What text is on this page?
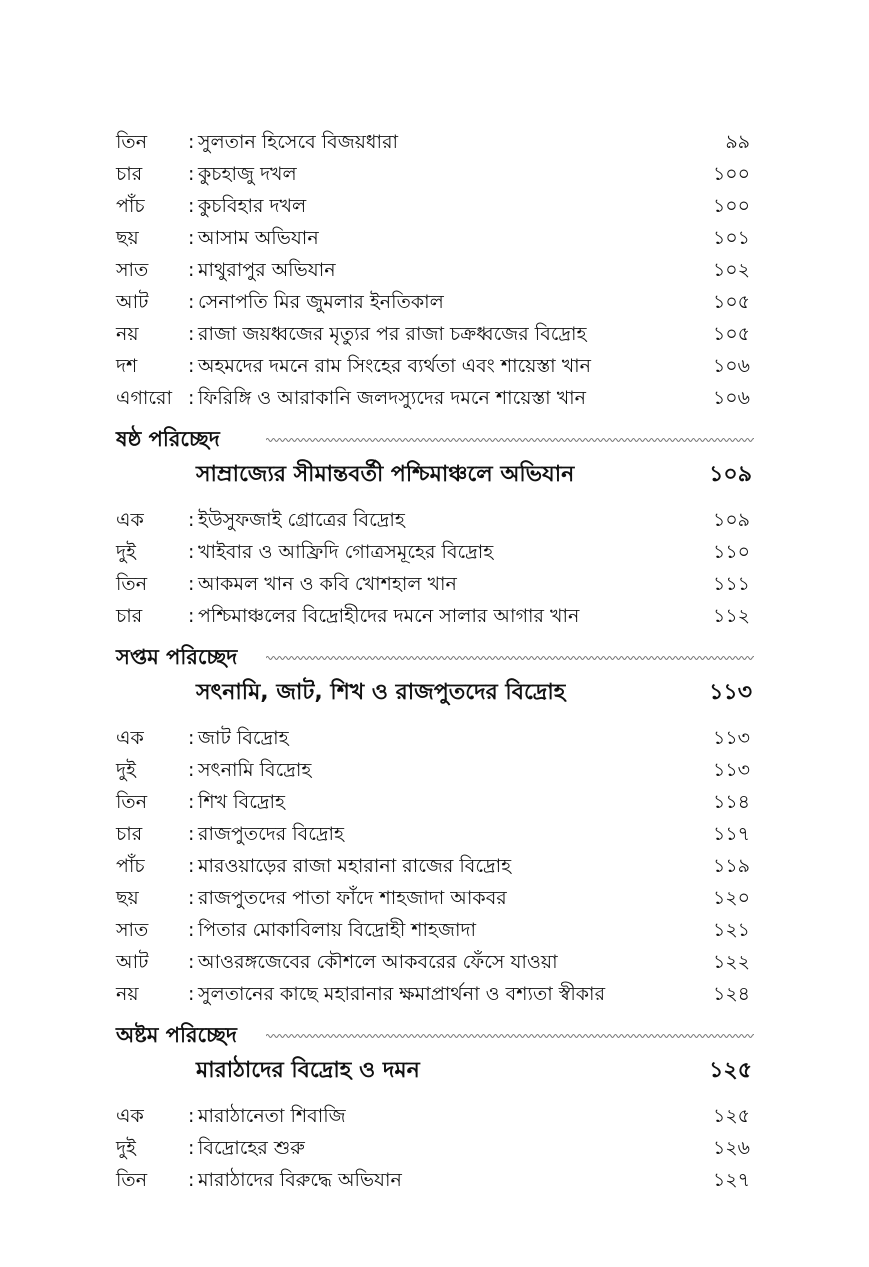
তিন : সুলতান হিসেবে বিজয়ধারা	৯৯
চার : কুচহাজু দখল	১০০
পাঁচ : কুচবিহার দখল	১০০
ছয়	: আসাম অভিযান	১০১
সাত : মাথুরাপুর অভিযান	১০২
আট : সেনাপতি মির জুমলার ইনতিকাল	১০৫
নয়	: রাজা জয়ধ্বজের মৃত্যুর পর রাজা চক্রধ্বজের বিদ্রোহ	১০৫
দশ	: অহমদের দমনে রাম সিংহের ব্যর্থতা এবং শায়েস্তা খান	১০৬
এগারো : ফিরিঙ্গি ও আরাকানি জলদস্যুদের দমনে শায়েস্তা খান	১০৬
ষষ্ঠ পরিচ্ছেদ
সাম্রাজ্যের সীমান্তবর্তী পশ্চিমাঞ্চলে অভিযান	১০৯
এক : ইউসুফজাই গ্রোত্রের বিদ্রোহ	১০৯
দুই	: খাইবার ও আফ্রিদি গোত্রসমূহের বিদ্রোহ	১১০
তিন : আকমল খান ও কবি খোশহাল খান	১১১
চার : পশ্চিমাঞ্চলের বিদ্রোহীদের দমনে সালার আগার খান	১১২
সপ্তম পরিচ্ছেদ
সৎনামি, জাট, শিখ ও রাজপুতদের বিদ্রোহ	১১৩
এক : জাট বিদ্রোহ	১১৩
দুই	: সৎনামি বিদ্রোহ	১১৩
তিন : শিখ বিদ্রোহ	১১৪
চার : রাজপুতদের বিদ্রোহ	১১৭
পাঁচ : মারওয়াড়ের রাজা মহারানা রাজের বিদ্রোহ	১১৯
ছয়	: রাজপুতদের পাতা ফাঁদে শাহজাদা আকবর	১২০
সাত : পিতার মোকাবিলায় বিদ্রোহী শাহজাদা	১২১
আট : আওরঙ্গজেবের কৌশলে আকবরের ফেঁসে যাওয়া	১২২
নয়	: সুলতানের কাছে মহারানার ক্ষমাপ্রার্থনা ও বশ্যতা স্বীকার	১২৪
অষ্টম পরিচ্ছেদ
মারাঠাদের বিদ্রোহ ও দমন	১২৫
এক : মারাঠানেতা শিবাজি	১২৫
দুই	: বিদ্রোহের শুরু	১২৬
তিন : মারাঠাদের বিরুদ্ধে অভিযান	১২৭
